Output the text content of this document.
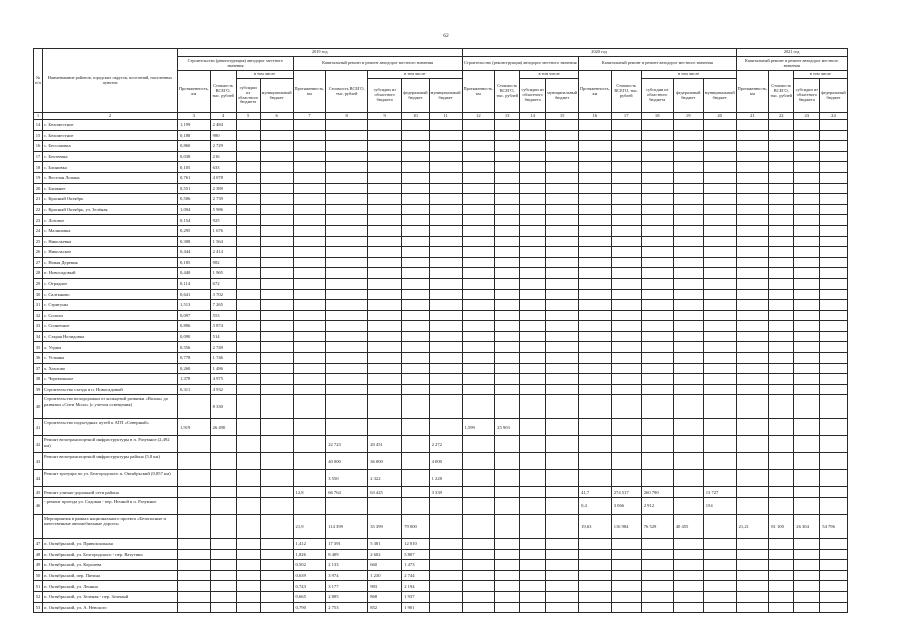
62
№ п/п	Наименование районов, городских округов, поселений, населенных пунктов	2019 год									2020 год									2021 год			
		Строительство (реконструкция) автодорог местного значения				Капитальный ремонт и ремонт автодорог местного значения					Строительство (реконструкция) автодорог местного значения				Капитальный ремонт и ремонт автодорог местного значения					Капитальный ремонт и ремонт автодорог местного значения			
		Протяженность, км	Стоимость ВСЕГО, тыс. рублей	в том числе		Протяженность, км	Стоимость ВСЕГО, тыс. рублей	в том числе			Протяженность, км	Стоимость ВСЕГО, тыс. рублей	в том числе		Протяженность, км	Стоимость ВСЕГО, тыс. рублей	в том числе			Протяженность, км	Стоимость ВСЕГО, тыс. рублей	в том числе	
				субсидии из областного бюджета	муниципальный бюджет			субсидии из областного бюджета	федеральный бюджет	муниципальный бюджет			субсидии из областного бюджета	муниципальный бюджет			субсидии из областного бюджета	федеральный бюджет	муниципальный бюджет			субсидии из областного бюджета	федеральный бюджет

1	2	3	4	5	6	7	8	9	10	11	12	13	14	15	16	17	18	19	20	21	22	23	24
14	с. Беломестное	1,199	2 484																				
15	с. Беломестное	0,188	980																				
16	с. Бессоновка	0,860	2 729																				
17	с. Бехтеевка	0,038	216																				
18	с. Блиновка	0,105	633																				
19	с. Веселая Лопань	0,761	4 078																				
20	с. Ближнее	0,551	2 389																				
21	с. Красный Октябрь	0,506	2 739																				
22	с. Красный Октябрь, ул. Зелёная	1,004	5 986																				
23	с. Лозовое	0,154	925																				
24	с. Малиновка	0,295	1 676																				
25	с. Никольевка	0,308	1 564																				
26	с. Никольское	0,444	2 414																				
27	с. Новая Деревня	0,185	982																				
28	п. Новосадовый	0,440	1 965																				
29	с. Отрадное	0,114	672																				
30	с. Салтыково	0,641	3 702																				
31	с. Стригуны	1,513	7 265																				
32	с. Солохи	0,097	553																				
33	с. Солнечное	0,806	3 874																				
34	с. Старая Нелидовка	0,090	514																				
35	х. Угрим	0,556	2 749																				
36	с. Устинка	0,778	1 746																				
37	х. Хохлово	0,260	1 486																				
38	с. Черемошное	1,378	4 975																				
39	Строительство съезда в п. Новосадовый	0,311	4 932																				
40	Строительство велодорожки от кольцевой развязки «Волна» до развязки «Сити Молл» (с учетом освещения)		8 330																				
41	Строительство подъездных путей к АТП «Северный»	1,919	26 490								1,599	25 903											
42	Ремонт велотранспортной инфраструктуры в п. Разумное (2,492 км)						22 723	20 451		2 272													
43	Ремонт велотранспортной инфраструктуры района (5,8 км)						40 000	36 000		4 000													
44	Ремонт тротуара по ул. Белгородского п. Октябрьский (0,857 км)						3 550	2 322		1 228													
45	Ремонт улично-дорожной сети района					12,8	66 764	63 425		3 339					41,7	274 517	260 790		13 727				
46	- ремонт проезда ул. Садовая - пер. Ночной в п. Разумное														0,4	3 066	2 912		154				
	Мероприятия в рамках национального проекта «Безопасные и качественные автомобильные дороги»					21,9	114 399	35 399	79 000						19,63	116 984	76 529	40 455		21,21	81 100	26 304	54 796
47	п. Октябрьский, ул. Привокзальная					1,412	17 391	5 381	12 010														
48	п. Октябрьский, ул. Белгородского - пер. Ватутино					1,826	8 409	2 602	5 807														
49	п. Октябрьский, ул. Королева					0,502	2 133	660	1 473														
50	п. Октябрьский, пер. Пятина					0,639	3 974	1 230	2 744														
51	п. Октябрьский, ул. Ленина					0,743	3 177	983	2 194														
52	п. Октябрьский, ул. Зеленая - пер. Зеленый					0,665	2 805	868	1 937														
53	п. Октябрьский, ул. А. Невского					0,790	2 753	852	1 901														
